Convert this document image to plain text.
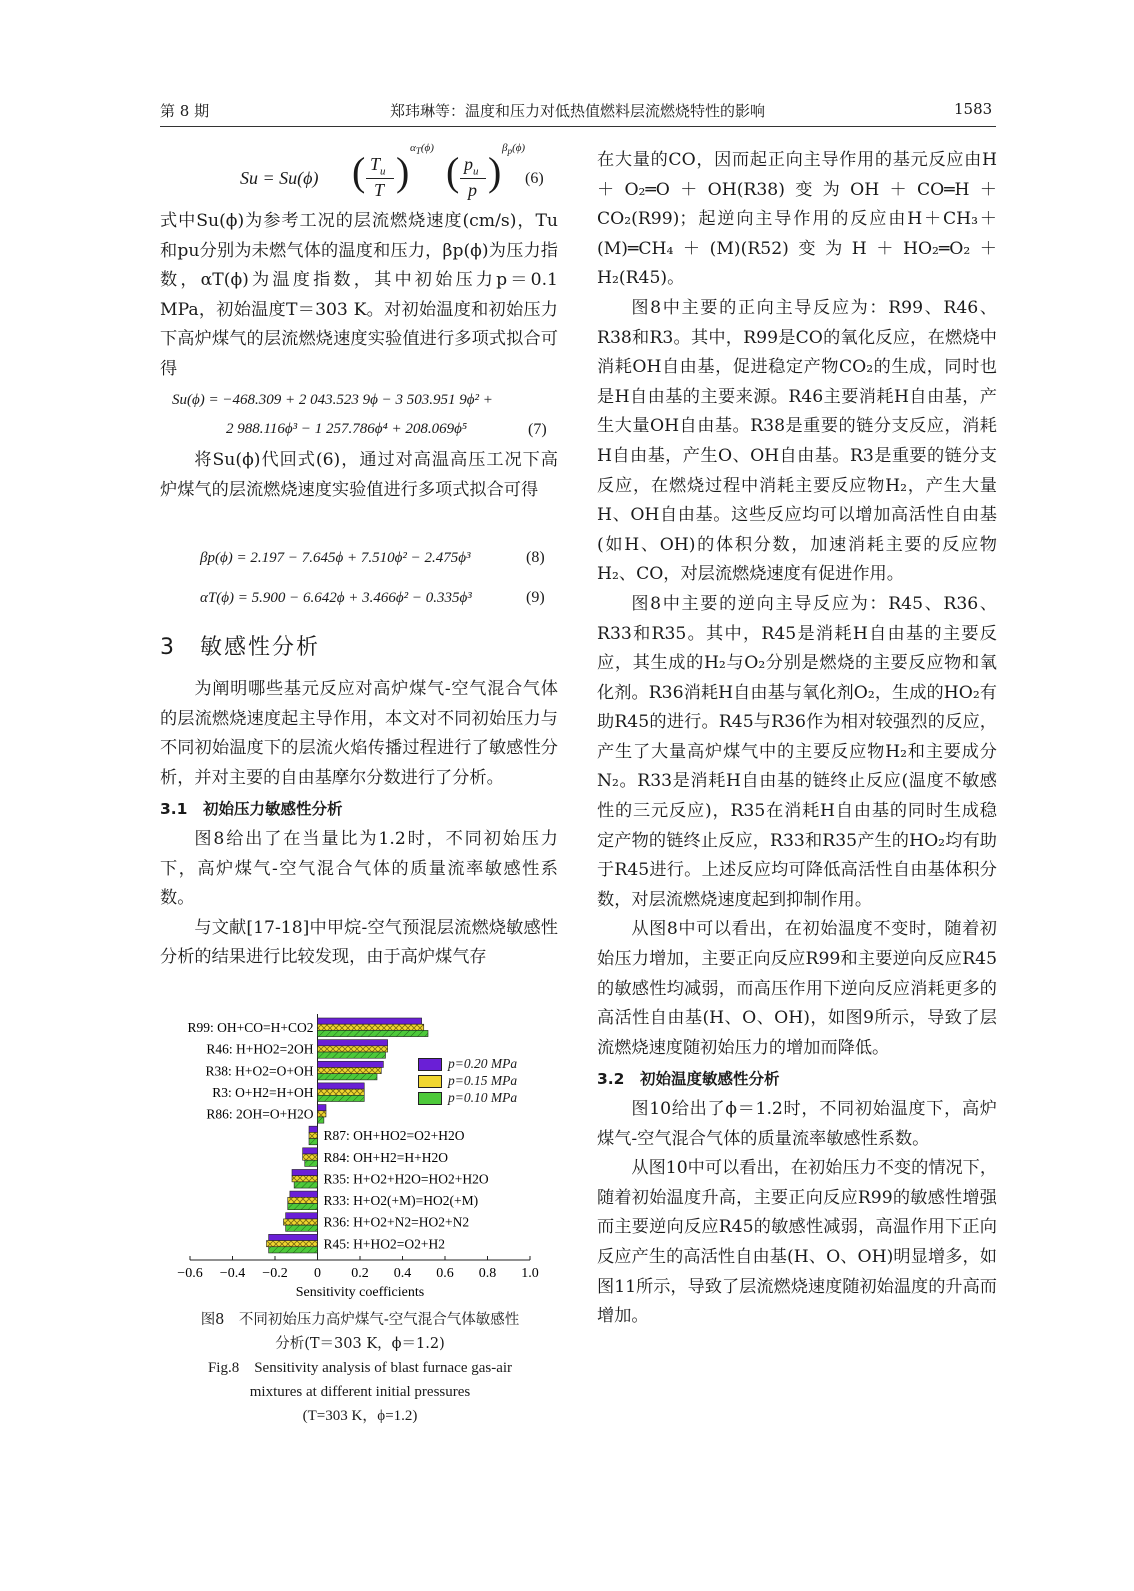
第 8 期	郑玮琳等：温度和压力对低热值燃料层流燃烧特性的影响	1583
Su = Su(ϕ) ( $T_u$
T )
$\alpha_T(\phi)$
( $p_u$
p )
$\beta_p(\phi)$
(6)

式中Su(ϕ)为参考工况的层流燃烧速度(cm/s)，Tu和pu分别为未燃气体的温度和压力，βp(ϕ)为压力指数，αT(ϕ)为温度指数，其中初始压力p＝0.1 MPa，初始温度T＝303 K。对初始温度和初始压力下高炉煤气的层流燃烧速度实验值进行多项式拟合可得

Su(ϕ) = −468.309 + 2 043.523 9ϕ − 3 503.951 9ϕ² +
2 988.116ϕ³ − 1 257.786ϕ⁴ + 208.069ϕ⁵	(7)

将Su(ϕ)代回式(6)，通过对高温高压工况下高炉煤气的层流燃烧速度实验值进行多项式拟合可得

βp(ϕ) = 2.197 − 7.645ϕ + 7.510ϕ² − 2.475ϕ³	(8)
αT(ϕ) = 5.900 − 6.642ϕ + 3.466ϕ² − 0.335ϕ³	(9)
3　敏感性分析

为阐明哪些基元反应对高炉煤气-空气混合气体的层流燃烧速度起主导作用，本文对不同初始压力与不同初始温度下的层流火焰传播过程进行了敏感性分析，并对主要的自由基摩尔分数进行了分析。

3.1　初始压力敏感性分析

图8给出了在当量比为1.2时，不同初始压力下，高炉煤气-空气混合气体的质量流率敏感性系数。

与文献[17-18]中甲烷-空气预混层流燃烧敏感性分析的结果进行比较发现，由于高炉煤气存

在大量的CO，因而起正向主导作用的基元反应由H＋O₂═O＋OH(R38)变为OH＋CO═H＋CO₂(R99)；起逆向主导作用的反应由H＋CH₃＋(M)═CH₄＋(M)(R52)变为H＋HO₂═O₂＋H₂(R45)。

图8中主要的正向主导反应为：R99、R46、R38和R3。其中，R99是CO的氧化反应，在燃烧中消耗OH自由基，促进稳定产物CO₂的生成，同时也是H自由基的主要来源。R46主要消耗H自由基，产生大量OH自由基。R38是重要的链分支反应，消耗H自由基，产生O、OH自由基。R3是重要的链分支反应，在燃烧过程中消耗主要反应物H₂，产生大量H、OH自由基。这些反应均可以增加高活性自由基(如H、OH)的体积分数，加速消耗主要的反应物H₂、CO，对层流燃烧速度有促进作用。

图8中主要的逆向主导反应为：R45、R36、R33和R35。其中，R45是消耗H自由基的主要反应，其生成的H₂与O₂分别是燃烧的主要反应物和氧化剂。R36消耗H自由基与氧化剂O₂，生成的HO₂有助R45的进行。R45与R36作为相对较强烈的反应，产生了大量高炉煤气中的主要反应物H₂和主要成分N₂。R33是消耗H自由基的链终止反应(温度不敏感性的三元反应)，R35在消耗H自由基的同时生成稳定产物的链终止反应，R33和R35产生的HO₂均有助于R45进行。上述反应均可降低高活性自由基体积分数，对层流燃烧速度起到抑制作用。

从图8中可以看出，在初始温度不变时，随着初始压力增加，主要正向反应R99和主要逆向反应R45的敏感性均减弱，而高压作用下逆向反应消耗更多的高活性自由基(H、O、OH)，如图9所示，导致了层流燃烧速度随初始压力的增加而降低。

3.2　初始温度敏感性分析

图10给出了ϕ＝1.2时，不同初始温度下，高炉煤气-空气混合气体的质量流率敏感性系数。

从图10中可以看出，在初始压力不变的情况下，随着初始温度升高，主要正向反应R99的敏感性增强而主要逆向反应R45的敏感性减弱，高温作用下正向反应产生的高活性自由基(H、O、OH)明显增多，如图11所示，导致了层流燃烧速度随初始温度的升高而增加。

−0.6 −0.4 −0.2 0 0.2 0.4 0.6 0.8 1.0
Sensitivity coefficients
R99: OH+CO=H+CO2
R46: H+HO2=2OH
R38: H+O2=O+OH
R3: O+H2=H+OH
R86: 2OH=O+H2O
R87: OH+HO2=O2+H2O
R84: OH+H2=H+H2O
R35: H+O2+H2O=HO2+H2O
R33: H+O2(+M)=HO2(+M)
R36: H+O2+N2=HO2+N2
R45: H+HO2=O2+H2
p=0.20 MPa
p=0.15 MPa
p=0.10 MPa
图8　不同初始压力高炉煤气-空气混合气体敏感性
分析(T＝303 K，ϕ＝1.2)
Fig.8　Sensitivity analysis of blast furnace gas-air
mixtures at different initial pressures
(T=303 K，ϕ=1.2)
